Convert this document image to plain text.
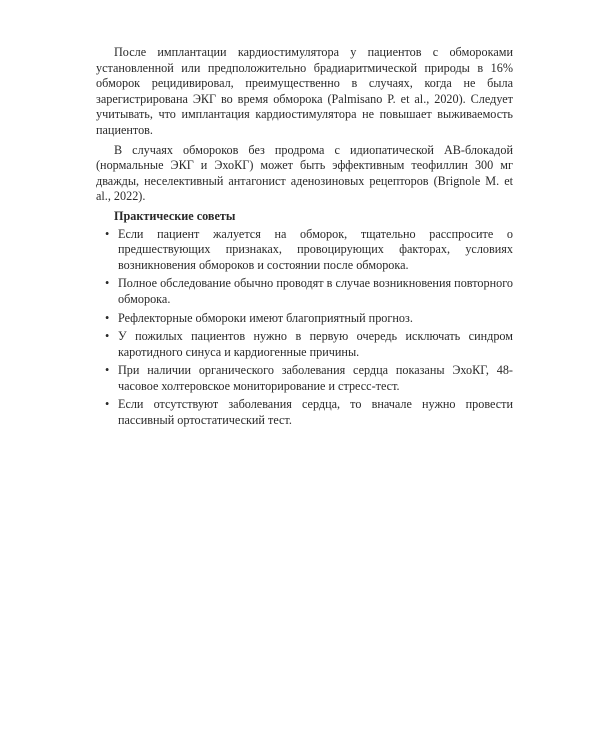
После имплантации кардиостимулятора у пациентов с обмороками установленной или предположительно брадиаритмической природы в 16% обморок рецидивировал, преимущественно в случаях, когда не была зарегистрирована ЭКГ во время обморока (Palmisano P. et al., 2020). Следует учитывать, что имплантация кардиостимулятора не повышает выживаемость пациентов.

В случаях обмороков без продрома с идиопатической АВ-блокадой (нормальные ЭКГ и ЭхоКГ) может быть эффективным теофиллин 300 мг дважды, неселективный антагонист аденозиновых рецепторов (Brignole M. et al., 2022).

Практические советы
• Если пациент жалуется на обморок, тщательно расспросите о предшествующих признаках, провоцирующих факторах, условиях возникновения обмороков и состоянии после обморока.
• Полное обследование обычно проводят в случае возникновения повторного обморока.
• Рефлекторные обмороки имеют благоприятный прогноз.
• У пожилых пациентов нужно в первую очередь исключать синдром каротидного синуса и кардиогенные причины.
• При наличии органического заболевания сердца показаны ЭхоКГ, 48-часовое холтеровское мониторирование и стресс-тест.
• Если отсутствуют заболевания сердца, то вначале нужно провести пассивный ортостатический тест.
